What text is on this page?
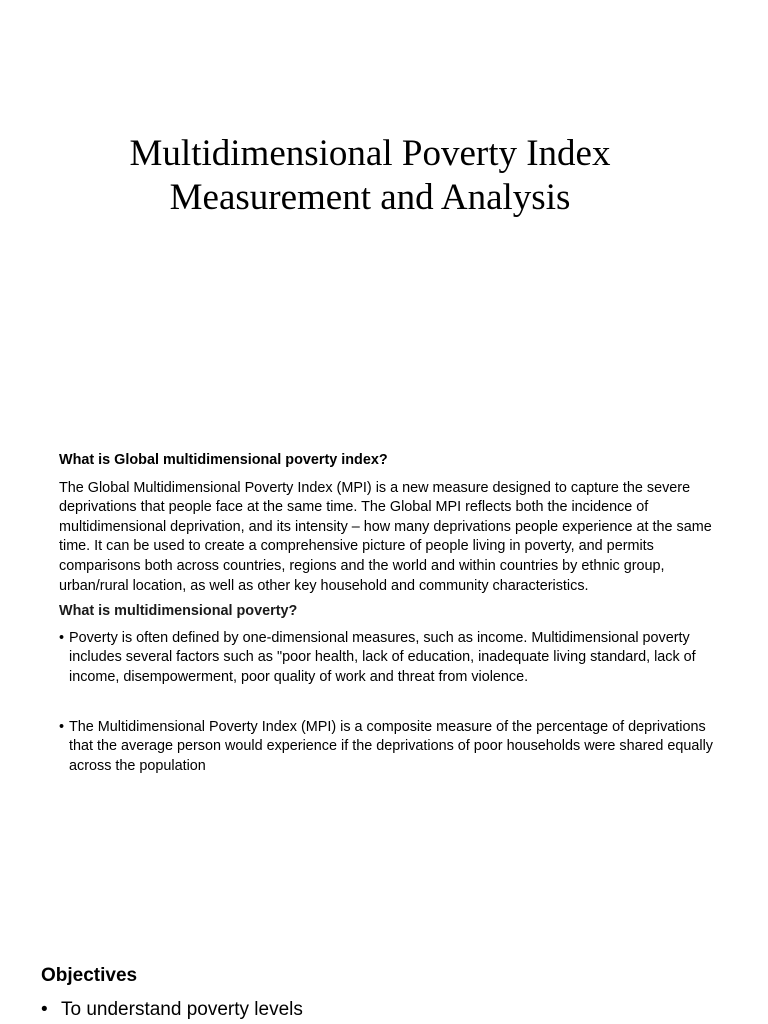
Multidimensional Poverty Index
Measurement and Analysis

What is Global multidimensional poverty index?

The Global Multidimensional Poverty Index (MPI) is a new measure designed to capture the severe deprivations that people face at the same time. The Global MPI reflects both the incidence of multidimensional deprivation, and its intensity – how many deprivations people experience at the same time. It can be used to create a comprehensive picture of people living in poverty, and permits comparisons both across countries, regions and the world and within countries by ethnic group, urban/rural location, as well as other key household and community characteristics.

What is multidimensional poverty?

• Poverty is often defined by one-dimensional measures, such as income. Multidimensional poverty includes several factors such as "poor health, lack of education, inadequate living standard, lack of income, disempowerment, poor quality of work and threat from violence.
• The Multidimensional Poverty Index (MPI) is a composite measure of the percentage of deprivations that the average person would experience if the deprivations of poor households were shared equally across the population

Objectives

• To understand poverty levels
